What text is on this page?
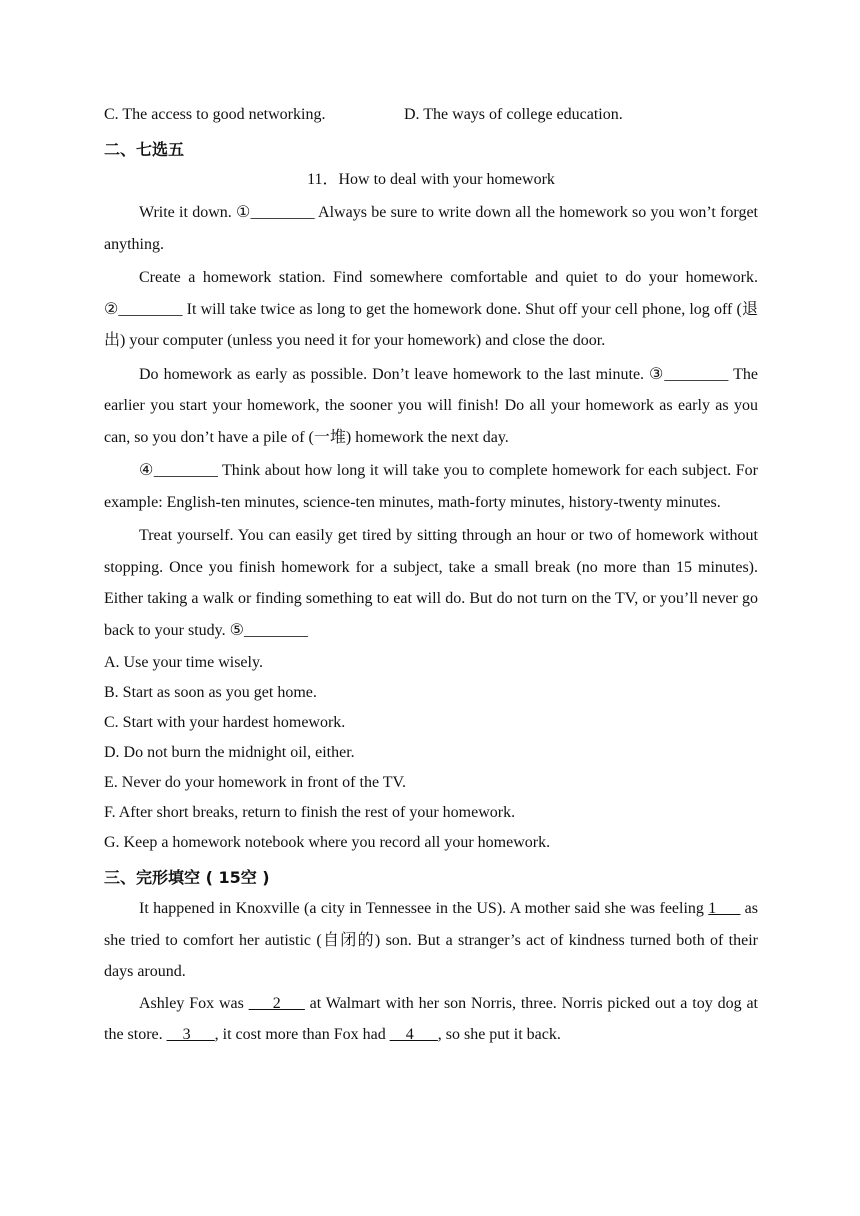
C. The access to good networking.	D. The ways of college education.
二、七选五
11．How to deal with your homework

Write it down. ①________ Always be sure to write down all the homework so you won’t forget anything.

Create a homework station. Find somewhere comfortable and quiet to do your homework. ②________ It will take twice as long to get the homework done. Shut off your cell phone, log off (退出) your computer (unless you need it for your homework) and close the door.

Do homework as early as possible. Don’t leave homework to the last minute. ③________ The earlier you start your homework, the sooner you will finish! Do all your homework as early as you can, so you don’t have a pile of (一堆) homework the next day.

④________ Think about how long it will take you to complete homework for each subject. For example: English-ten minutes, science-ten minutes, math-forty minutes, history-twenty minutes.

Treat yourself. You can easily get tired by sitting through an hour or two of homework without stopping. Once you finish homework for a subject, take a small break (no more than 15 minutes). Either taking a walk or finding something to eat will do. But do not turn on the TV, or you’ll never go back to your study. ⑤________

A. Use your time wisely.
B. Start as soon as you get home.
C. Start with your hardest homework.
D. Do not burn the midnight oil, either.
E. Never do your homework in front of the TV.
F. After short breaks, return to finish the rest of your homework.
G. Keep a homework notebook where you record all your homework.
三、完形填空 ( 15空 )

It happened in Knoxville (a city in Tennessee in the US). A mother said she was feeling 1___ as she tried to comfort her autistic (自闭的) son. But a stranger’s act of kindness turned both of their days around.

Ashley Fox was ___2___ at Walmart with her son Norris, three. Norris picked out a toy dog at the store. __3___, it cost more than Fox had __4___, so she put it back.
